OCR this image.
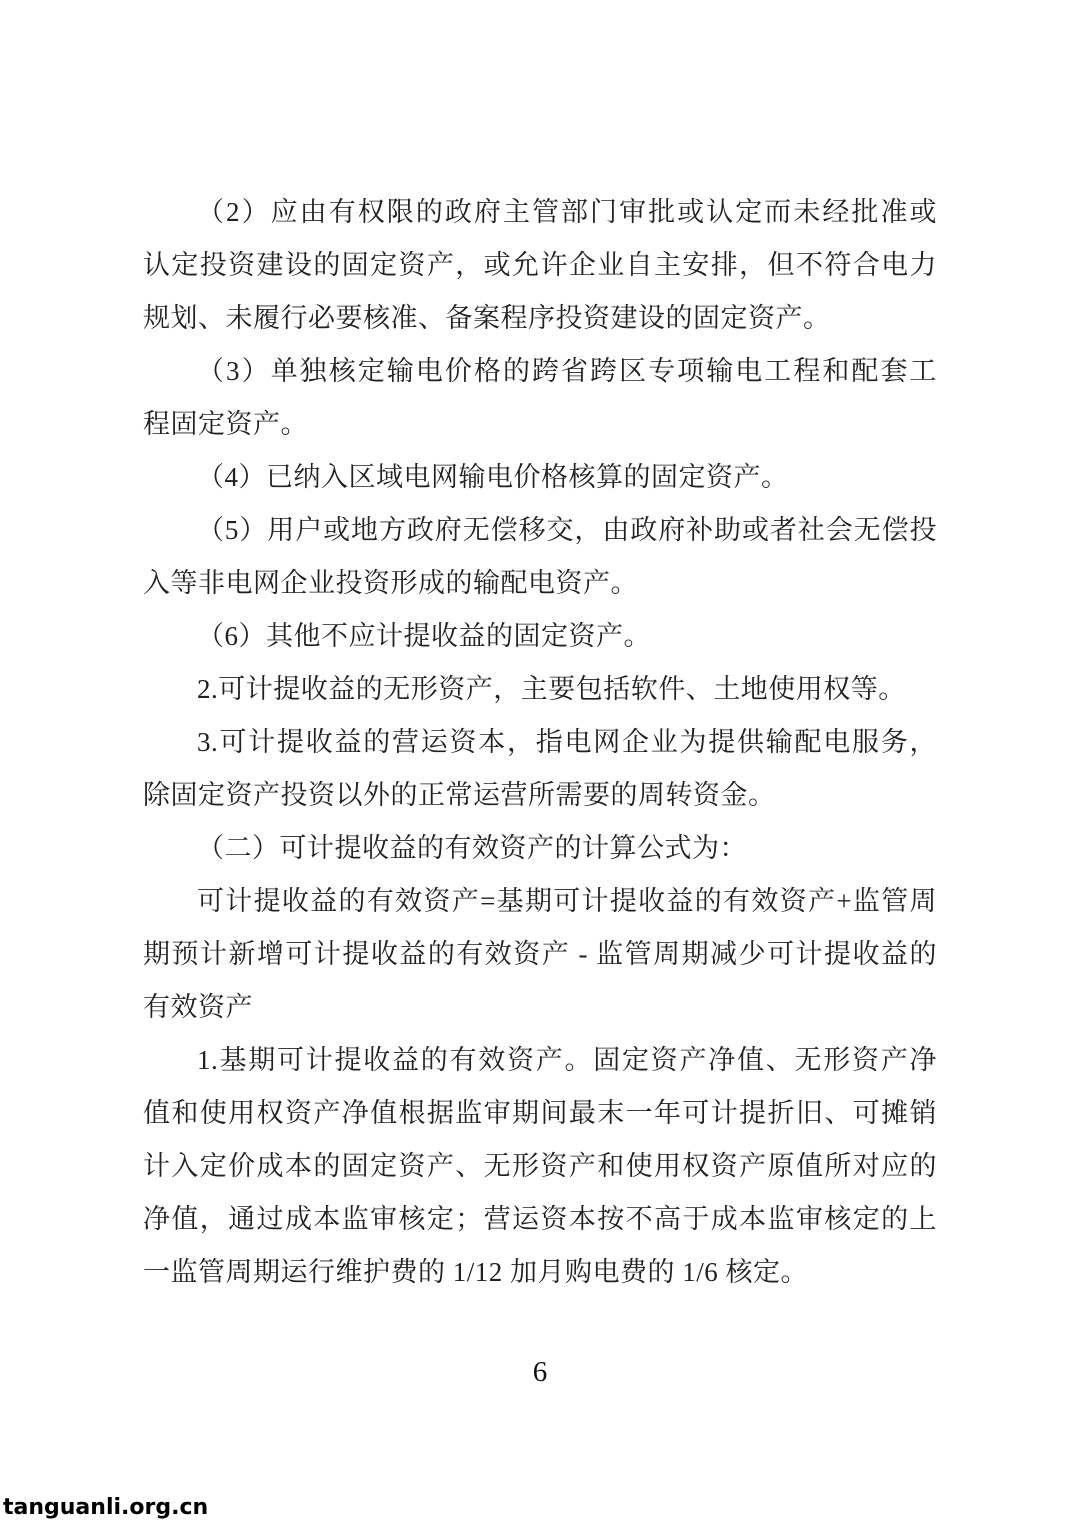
（2）应由有权限的政府主管部门审批或认定而未经批准或
认定投资建设的固定资产，或允许企业自主安排，但不符合电力
规划、未履行必要核准、备案程序投资建设的固定资产。
（3）单独核定输电价格的跨省跨区专项输电工程和配套工
程固定资产。
（4）已纳入区域电网输电价格核算的固定资产。
（5）用户或地方政府无偿移交，由政府补助或者社会无偿投
入等非电网企业投资形成的输配电资产。
（6）其他不应计提收益的固定资产。
2.可计提收益的无形资产，主要包括软件、土地使用权等。
3.可计提收益的营运资本，指电网企业为提供输配电服务，
除固定资产投资以外的正常运营所需要的周转资金。
（二）可计提收益的有效资产的计算公式为：
可计提收益的有效资产=基期可计提收益的有效资产+监管周
期预计新增可计提收益的有效资产 - 监管周期减少可计提收益的
有效资产
1.基期可计提收益的有效资产。固定资产净值、无形资产净
值和使用权资产净值根据监审期间最末一年可计提折旧、可摊销
计入定价成本的固定资产、无形资产和使用权资产原值所对应的
净值，通过成本监审核定；营运资本按不高于成本监审核定的上
一监管周期运行维护费的 1/12 加月购电费的 1/6 核定。
6
tanguanli.org.cn
